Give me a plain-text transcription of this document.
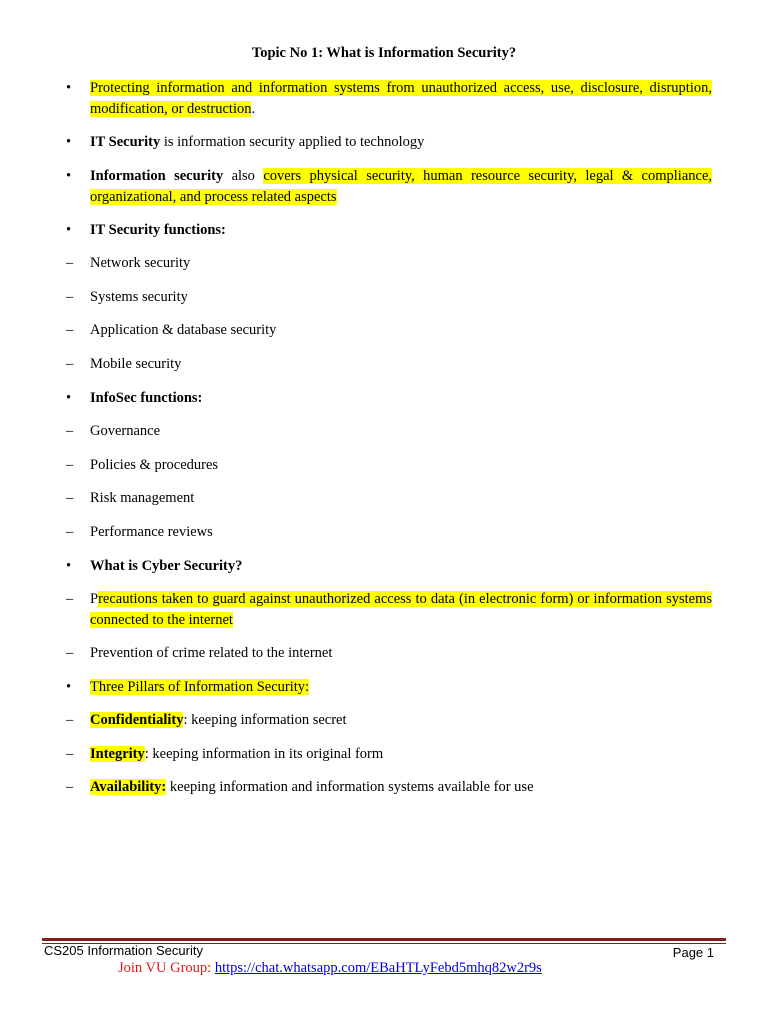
Topic No 1: What is Information Security?
• Protecting information and information systems from unauthorized access, use, disclosure, disruption, modification, or destruction.
• IT Security is information security applied to technology
• Information security also covers physical security, human resource security, legal & compliance, organizational, and process related aspects
• IT Security functions:
– Network security
– Systems security
– Application & database security
– Mobile security
• InfoSec functions:
– Governance
– Policies & procedures
– Risk management
– Performance reviews
• What is Cyber Security?
– Precautions taken to guard against unauthorized access to data (in electronic form) or information systems connected to the internet
– Prevention of crime related to the internet
• Three Pillars of Information Security:
– Confidentiality: keeping information secret
– Integrity: keeping information in its original form
– Availability: keeping information and information systems available for use
CS205 Information Security	Page 1
Join VU Group: https://chat.whatsapp.com/EBaHTLyFebd5mhq82w2r9s
